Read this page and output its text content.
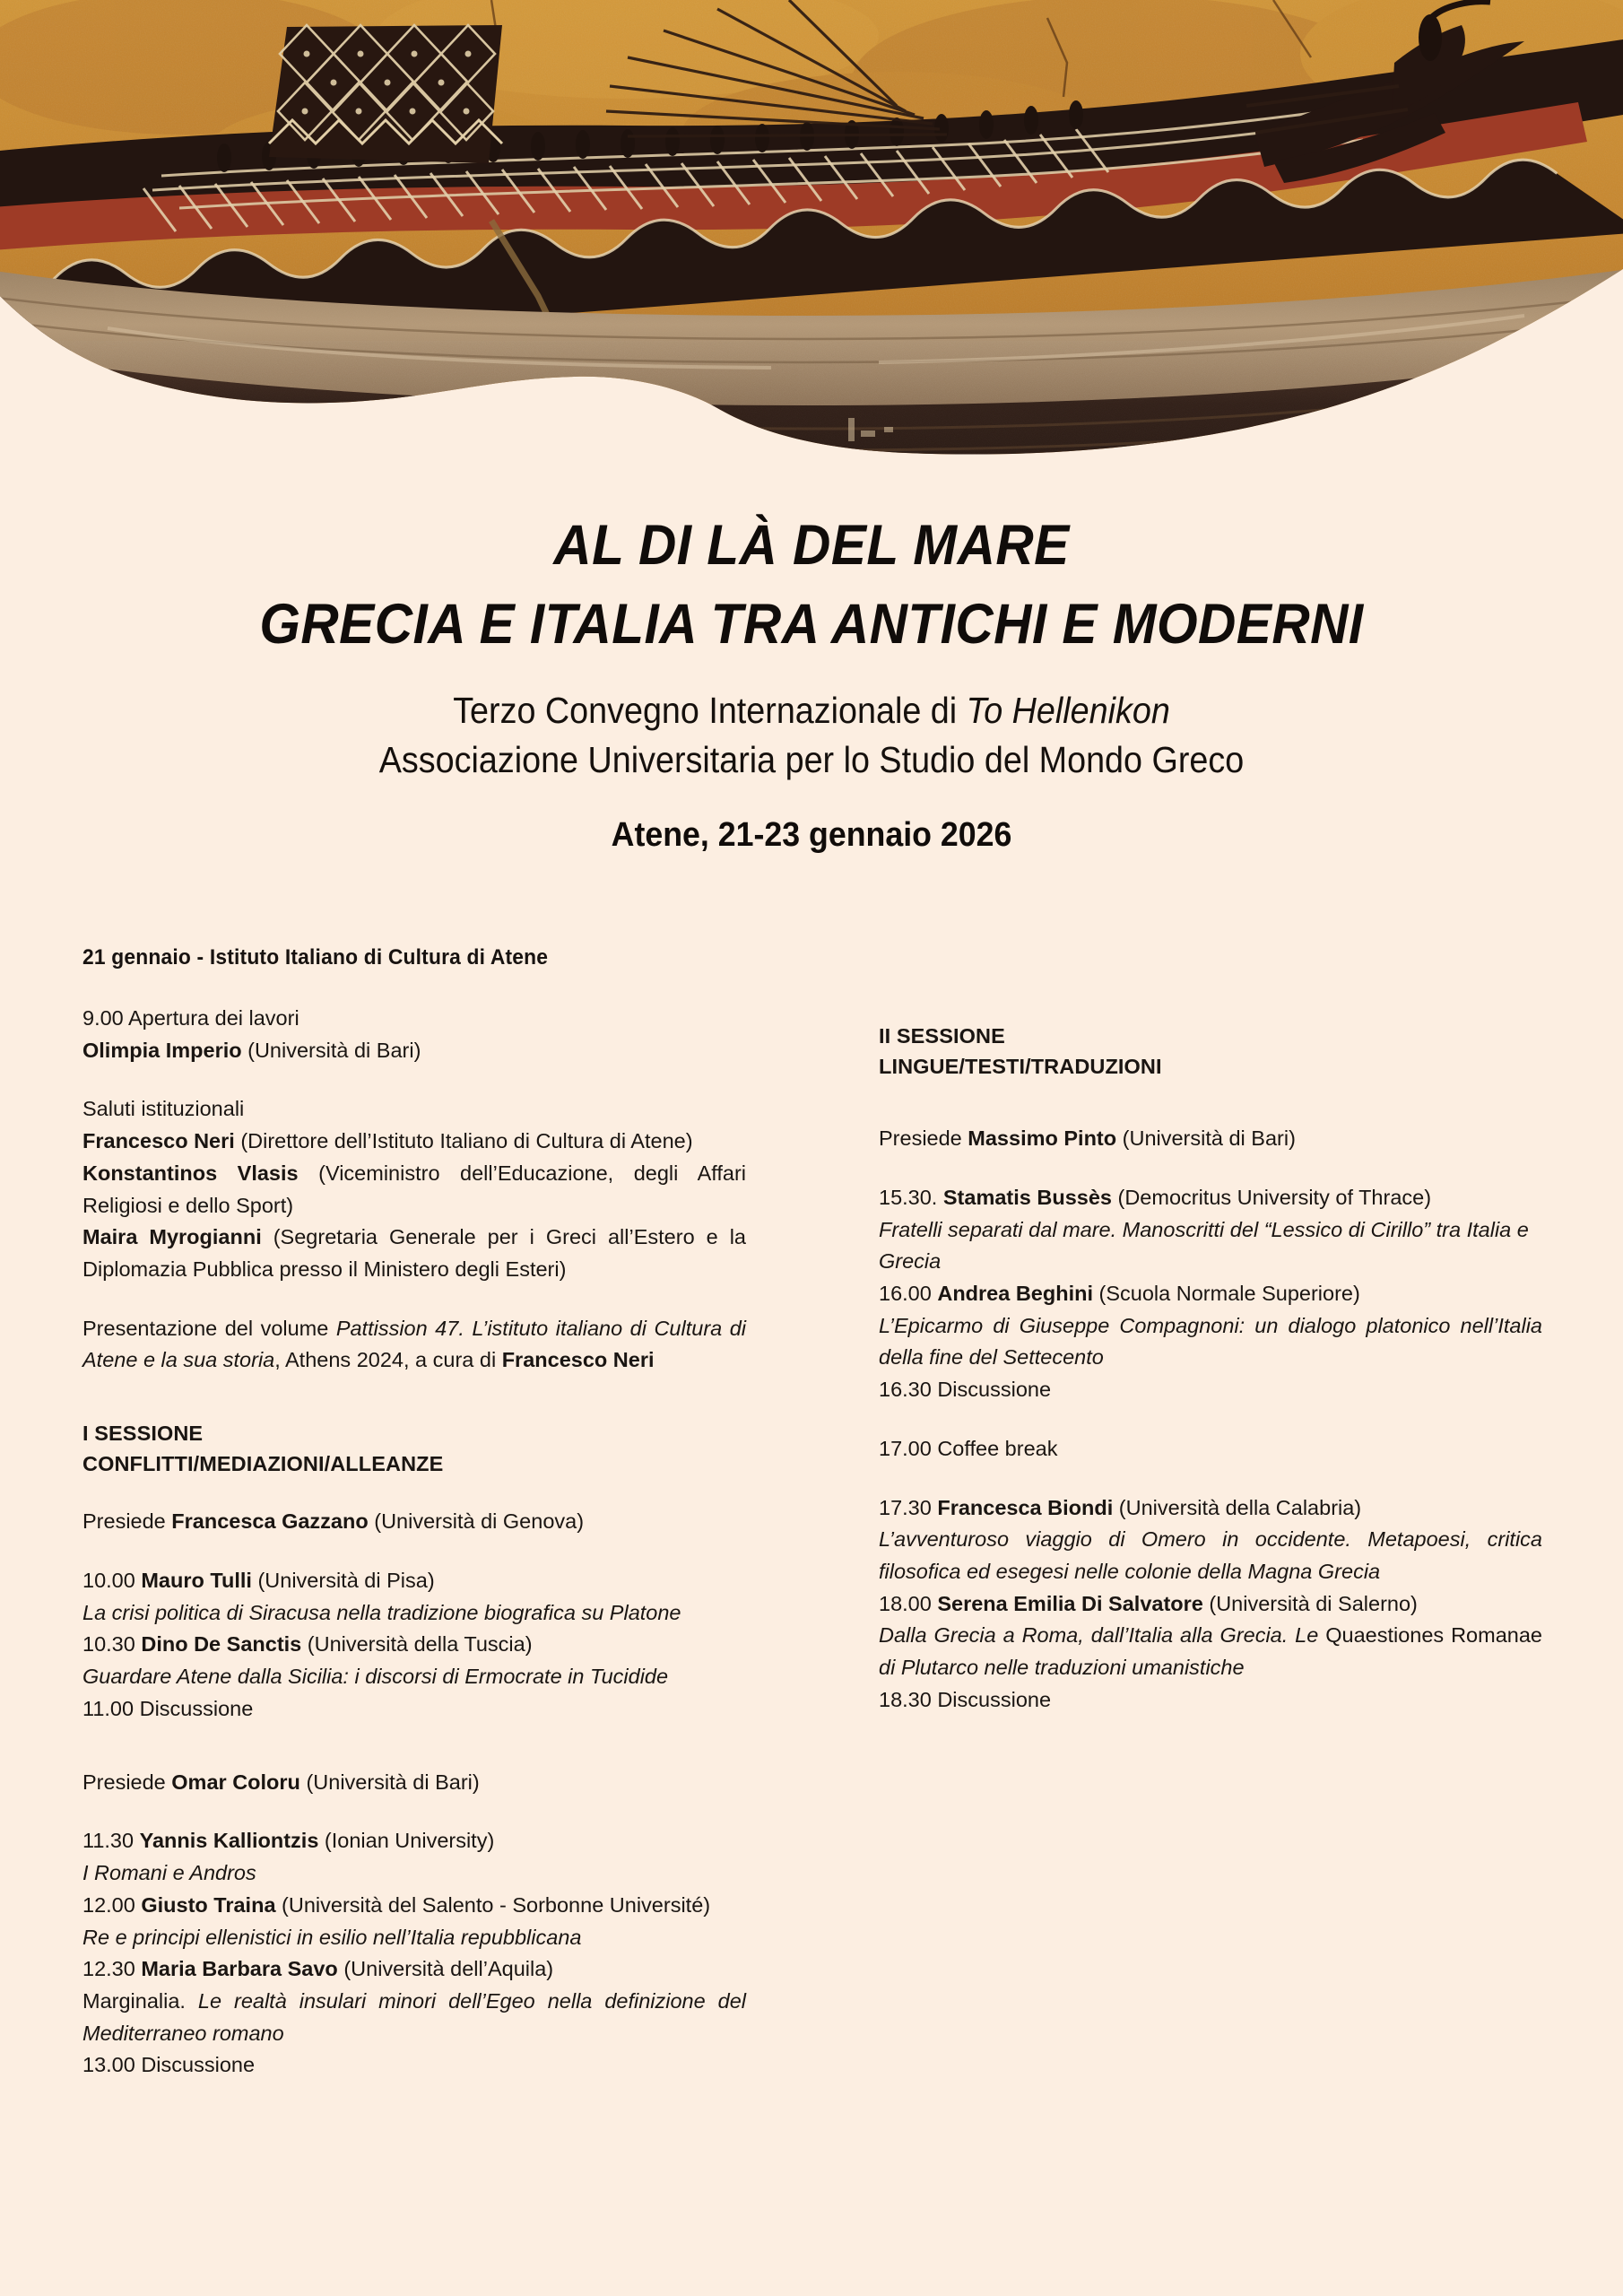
AL DI LÀ DEL MARE
GRECIA E ITALIA TRA ANTICHI E MODERNI
Terzo Convegno Internazionale di To Hellenikon
Associazione Universitaria per lo Studio del Mondo Greco
Atene, 21-23 gennaio 2026
21 gennaio - Istituto Italiano di Cultura di Atene
9.00 Apertura dei lavori
Olimpia Imperio (Università di Bari)
Saluti istituzionali
Francesco Neri (Direttore dell’Istituto Italiano di Cultura di Atene)
Konstantinos Vlasis (Viceministro dell’Educazione, degli Affari Religiosi e dello Sport)
Maira Myrogianni (Segretaria Generale per i Greci all’Estero e la Diplomazia Pubblica presso il Ministero degli Esteri)
Presentazione del volume Pattission 47. L’istituto italiano di Cultura di Atene e la sua storia, Athens 2024, a cura di Francesco Neri
I SESSIONE
CONFLITTI/MEDIAZIONI/ALLEANZE
Presiede Francesca Gazzano (Università di Genova)
10.00 Mauro Tulli (Università di Pisa)
La crisi politica di Siracusa nella tradizione biografica su Platone
10.30 Dino De Sanctis (Università della Tuscia)
Guardare Atene dalla Sicilia: i discorsi di Ermocrate in Tucidide
11.00 Discussione
Presiede Omar Coloru (Università di Bari)
11.30 Yannis Kalliontzis (Ionian University)
I Romani e Andros
12.00 Giusto Traina (Università del Salento - Sorbonne Université)
Re e principi ellenistici in esilio nell’Italia repubblicana
12.30 Maria Barbara Savo (Università dell’Aquila)
Marginalia. Le realtà insulari minori dell’Egeo nella definizione del Mediterraneo romano
13.00 Discussione
II SESSIONE
LINGUE/TESTI/TRADUZIONI
Presiede Massimo Pinto (Università di Bari)
15.30. Stamatis Bussès (Democritus University of Thrace)
Fratelli separati dal mare. Manoscritti del “Lessico di Cirillo” tra Italia e Grecia
16.00 Andrea Beghini (Scuola Normale Superiore)
L’Epicarmo di Giuseppe Compagnoni: un dialogo platonico nell’Italia della fine del Settecento
16.30 Discussione
17.00 Coffee break
17.30 Francesca Biondi (Università della Calabria)
L’avventuroso viaggio di Omero in occidente. Metapoesi, critica filosofica ed esegesi nelle colonie della Magna Grecia
18.00 Serena Emilia Di Salvatore (Università di Salerno)
Dalla Grecia a Roma, dall’Italia alla Grecia. Le Quaestiones Romanae di Plutarco nelle traduzioni umanistiche
18.30 Discussione
